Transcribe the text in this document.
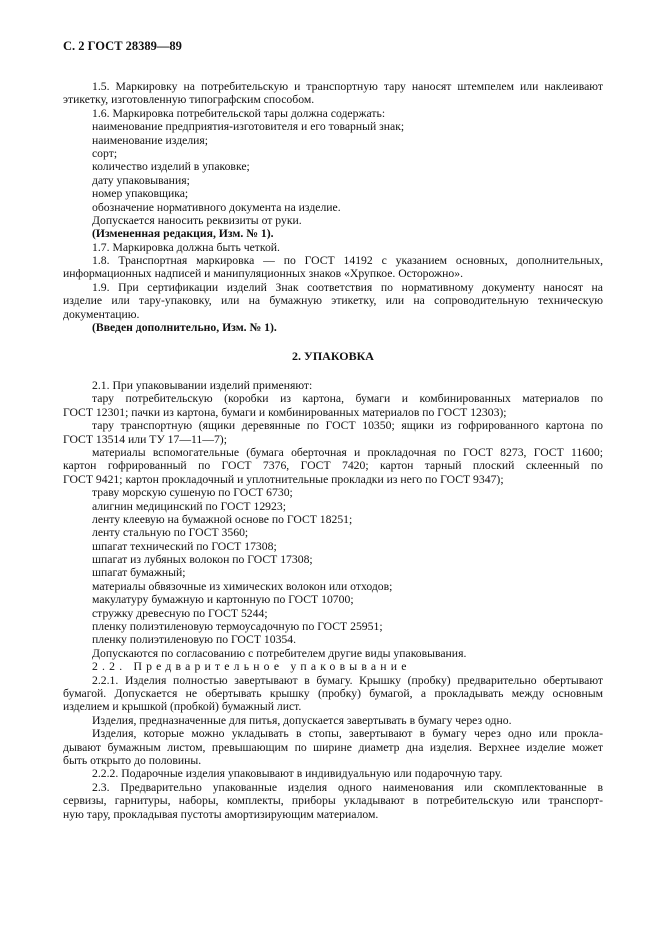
С. 2 ГОСТ 28389—89
1.5. Маркировку на потребительскую и транспортную тару наносят штемпелем или наклеивают
этикетку, изготовленную типографским способом.
1.6. Маркировка потребительской тары должна содержать:
наименование предприятия-изготовителя и его товарный знак;
наименование изделия;
сорт;
количество изделий в упаковке;
дату упаковывания;
номер упаковщика;
обозначение нормативного документа на изделие.
Допускается наносить реквизиты от руки.
(Измененная редакция, Изм. № 1).
1.7. Маркировка должна быть четкой.
1.8. Транспортная маркировка — по ГОСТ 14192 с указанием основных, дополнительных,
информационных надписей и манипуляционных знаков «Хрупкое. Осторожно».
1.9. При сертификации изделий Знак соответствия по нормативному документу наносят на
изделие или тару-упаковку, или на бумажную этикетку, или на сопроводительную техническую
документацию.
(Введен дополнительно, Изм. № 1).
2. УПАКОВКА
2.1. При упаковывании изделий применяют:
тару потребительскую (коробки из картона, бумаги и комбинированных материалов по
ГОСТ 12301; пачки из картона, бумаги и комбинированных материалов по ГОСТ 12303);
тару транспортную (ящики деревянные по ГОСТ 10350; ящики из гофрированного картона по
ГОСТ 13514 или ТУ 17—11—7);
материалы вспомогательные (бумага оберточная и прокладочная по ГОСТ 8273, ГОСТ 11600;
картон гофрированный по ГОСТ 7376, ГОСТ 7420; картон тарный плоский склеенный по
ГОСТ 9421; картон прокладочный и уплотнительные прокладки из него по ГОСТ 9347);
траву морскую сушеную по ГОСТ 6730;
алигнин медицинский по ГОСТ 12923;
ленту клеевую на бумажной основе по ГОСТ 18251;
ленту стальную по ГОСТ 3560;
шпагат технический по ГОСТ 17308;
шпагат из лубяных волокон по ГОСТ 17308;
шпагат бумажный;
материалы обвязочные из химических волокон или отходов;
макулатуру бумажную и картонную по ГОСТ 10700;
стружку древесную по ГОСТ 5244;
пленку полиэтиленовую термоусадочную по ГОСТ 25951;
пленку полиэтиленовую по ГОСТ 10354.
Допускаются по согласованию с потребителем другие виды упаковывания.
2.2. Предварительное упаковывание
2.2.1. Изделия полностью завертывают в бумагу. Крышку (пробку) предварительно обертывают
бумагой. Допускается не обертывать крышку (пробку) бумагой, а прокладывать между основным
изделием и крышкой (пробкой) бумажный лист.
Изделия, предназначенные для питья, допускается завертывать в бумагу через одно.
Изделия, которые можно укладывать в стопы, завертывают в бумагу через одно или прокла-
дывают бумажным листом, превышающим по ширине диаметр дна изделия. Верхнее изделие может
быть открыто до половины.
2.2.2. Подарочные изделия упаковывают в индивидуальную или подарочную тару.
2.3. Предварительно упакованные изделия одного наименования или скомплектованные в
сервизы, гарнитуры, наборы, комплекты, приборы укладывают в потребительскую или транспорт-
ную тару, прокладывая пустоты амортизирующим материалом.
